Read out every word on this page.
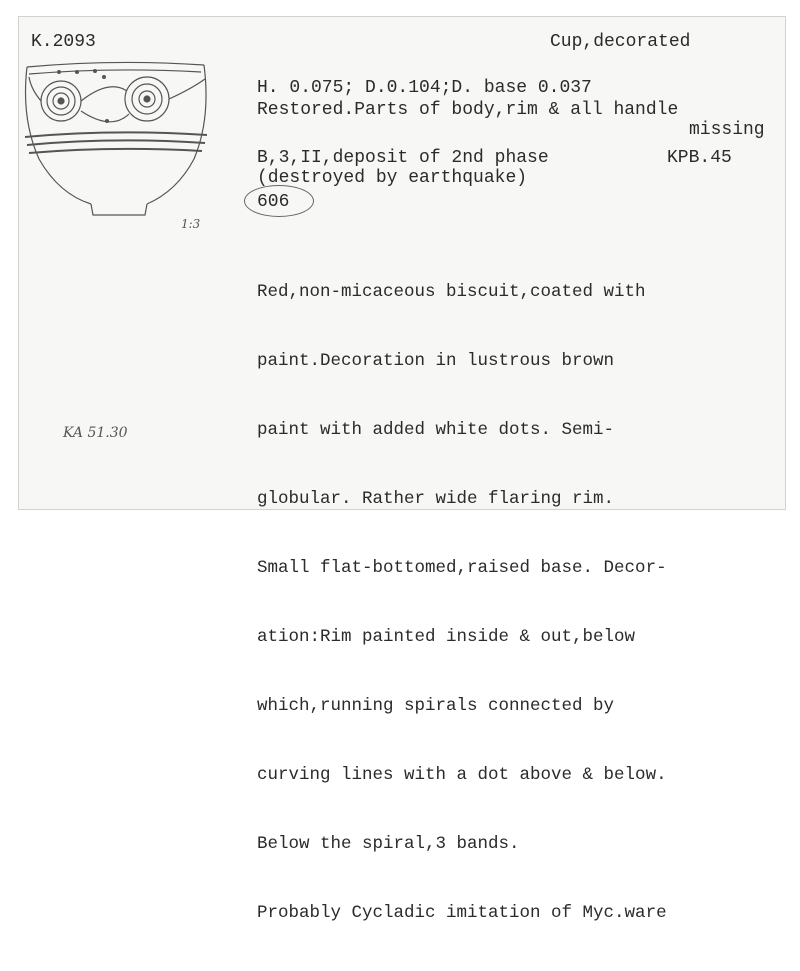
K.2093	Cup,decorated
1:3
H. 0.075; D.0.104;D. base 0.037
Restored.Parts of body,rim & all handle
missing
B,3,II,deposit of 2nd phase	KPB.45
(destroyed by earthquake)
606

Red,non-micaceous biscuit,coated with

paint.Decoration in lustrous brown

paint with added white dots. Semi-

globular. Rather wide flaring rim.

Small flat-bottomed,raised base. Decor-

ation:Rim painted inside & out,below

which,running spirals connected by

curving lines with a dot above & below.

Below the spiral,3 bands.

Probably Cycladic imitation of Myc.ware

KA 51.30
